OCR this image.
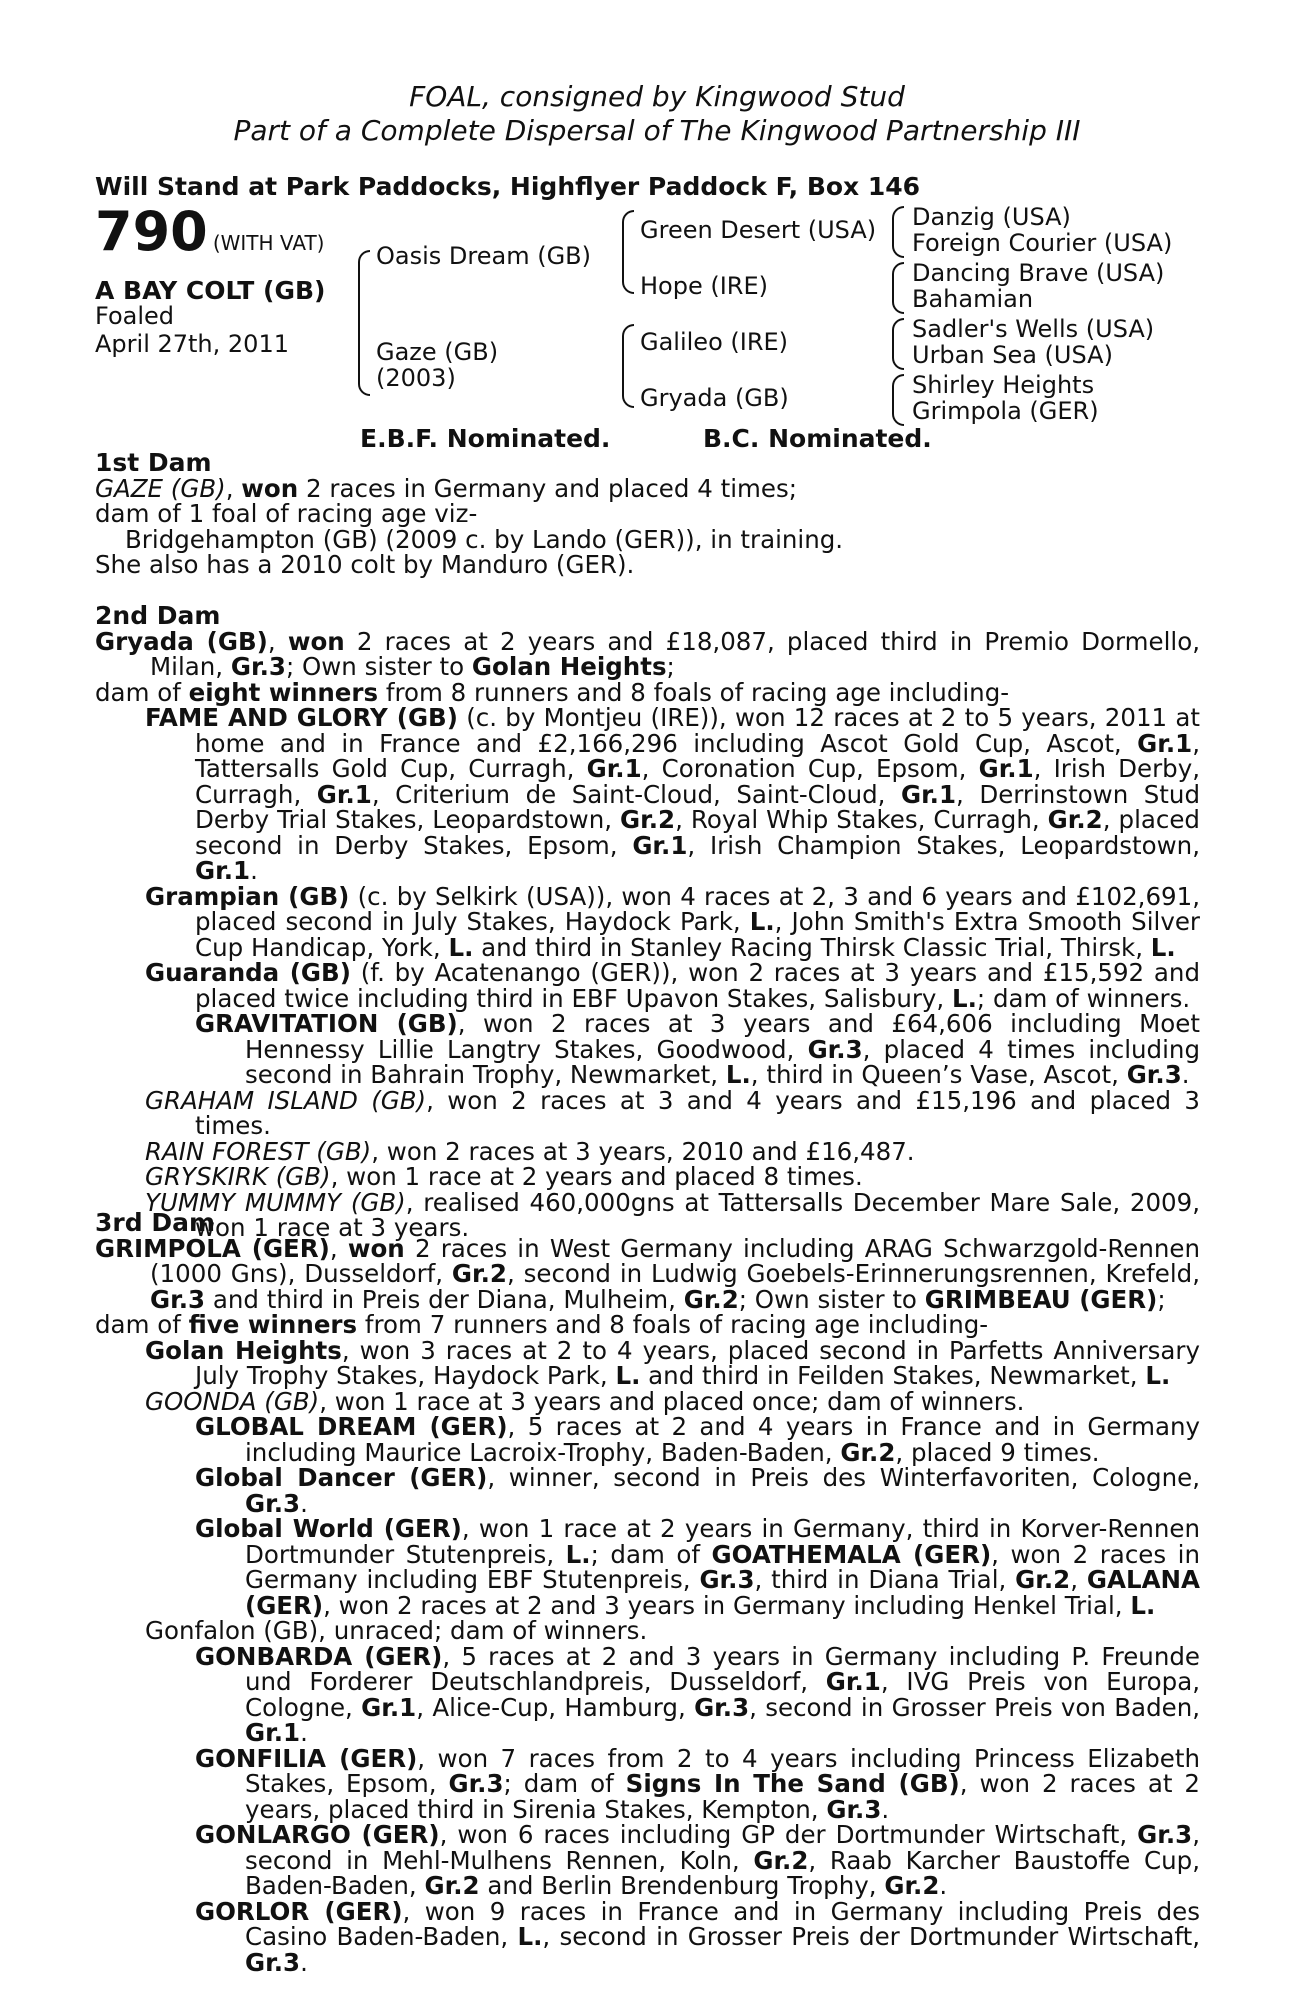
FOAL, consigned by Kingwood Stud
Part of a Complete Dispersal of The Kingwood Partnership III
Will Stand at Park Paddocks, Highflyer Paddock F, Box 146
790 (WITH VAT)
A BAY COLT (GB)
Foaled
April 27th, 2011
Oasis Dream (GB)
Gaze (GB)
(2003)
Green Desert (USA)
Hope (IRE)
Galileo (IRE)
Gryada (GB)
Danzig (USA)
Foreign Courier (USA)
Dancing Brave (USA)
Bahamian
Sadler's Wells (USA)
Urban Sea (USA)
Shirley Heights
Grimpola (GER)
E.B.F. Nominated.	B.C. Nominated.

1st Dam

GAZE (GB), won 2 races in Germany and placed 4 times;

dam of 1 foal of racing age viz-

Bridgehampton (GB) (2009 c. by Lando (GER)), in training.

She also has a 2010 colt by Manduro (GER).

2nd Dam

Gryada (GB), won 2 races at 2 years and £18,087, placed third in Premio Dormello, Milan, Gr.3; Own sister to Golan Heights;

dam of eight winners from 8 runners and 8 foals of racing age including-

FAME AND GLORY (GB) (c. by Montjeu (IRE)), won 12 races at 2 to 5 years, 2011 at home and in France and £2,166,296 including Ascot Gold Cup, Ascot, Gr.1, Tattersalls Gold Cup, Curragh, Gr.1, Coronation Cup, Epsom, Gr.1, Irish Derby, Curragh, Gr.1, Criterium de Saint-Cloud, Saint-Cloud, Gr.1, Derrinstown Stud Derby Trial Stakes, Leopardstown, Gr.2, Royal Whip Stakes, Curragh, Gr.2, placed second in Derby Stakes, Epsom, Gr.1, Irish Champion Stakes, Leopardstown, Gr.1.

Grampian (GB) (c. by Selkirk (USA)), won 4 races at 2, 3 and 6 years and £102,691, placed second in July Stakes, Haydock Park, L., John Smith's Extra Smooth Silver Cup Handicap, York, L. and third in Stanley Racing Thirsk Classic Trial, Thirsk, L.

Guaranda (GB) (f. by Acatenango (GER)), won 2 races at 3 years and £15,592 and placed twice including third in EBF Upavon Stakes, Salisbury, L.; dam of winners.

GRAVITATION (GB), won 2 races at 3 years and £64,606 including Moet Hennessy Lillie Langtry Stakes, Goodwood, Gr.3, placed 4 times including second in Bahrain Trophy, Newmarket, L., third in Queen’s Vase, Ascot, Gr.3.

GRAHAM ISLAND (GB), won 2 races at 3 and 4 years and £15,196 and placed 3 times.

RAIN FOREST (GB), won 2 races at 3 years, 2010 and £16,487.

GRYSKIRK (GB), won 1 race at 2 years and placed 8 times.

YUMMY MUMMY (GB), realised 460,000gns at Tattersalls December Mare Sale, 2009, won 1 race at 3 years.

3rd Dam

GRIMPOLA (GER), won 2 races in West Germany including ARAG Schwarzgold-Rennen (1000 Gns), Dusseldorf, Gr.2, second in Ludwig Goebels-Erinnerungsrennen, Krefeld, Gr.3 and third in Preis der Diana, Mulheim, Gr.2; Own sister to GRIMBEAU (GER);

dam of five winners from 7 runners and 8 foals of racing age including-

Golan Heights, won 3 races at 2 to 4 years, placed second in Parfetts Anniversary July Trophy Stakes, Haydock Park, L. and third in Feilden Stakes, Newmarket, L.

GOONDA (GB), won 1 race at 3 years and placed once; dam of winners.

GLOBAL DREAM (GER), 5 races at 2 and 4 years in France and in Germany including Maurice Lacroix-Trophy, Baden-Baden, Gr.2, placed 9 times.

Global Dancer (GER), winner, second in Preis des Winterfavoriten, Cologne, Gr.3.

Global World (GER), won 1 race at 2 years in Germany, third in Korver-Rennen Dortmunder Stutenpreis, L.; dam of GOATHEMALA (GER), won 2 races in Germany including EBF Stutenpreis, Gr.3, third in Diana Trial, Gr.2, GALANA (GER), won 2 races at 2 and 3 years in Germany including Henkel Trial, L.

Gonfalon (GB), unraced; dam of winners.

GONBARDA (GER), 5 races at 2 and 3 years in Germany including P. Freunde und Forderer Deutschlandpreis, Dusseldorf, Gr.1, IVG Preis von Europa, Cologne, Gr.1, Alice-Cup, Hamburg, Gr.3, second in Grosser Preis von Baden, Gr.1.

GONFILIA (GER), won 7 races from 2 to 4 years including Princess Elizabeth Stakes, Epsom, Gr.3; dam of Signs In The Sand (GB), won 2 races at 2 years, placed third in Sirenia Stakes, Kempton, Gr.3.

GONLARGO (GER), won 6 races including GP der Dortmunder Wirtschaft, Gr.3, second in Mehl-Mulhens Rennen, Koln, Gr.2, Raab Karcher Baustoffe Cup, Baden-Baden, Gr.2 and Berlin Brendenburg Trophy, Gr.2.

GORLOR (GER), won 9 races in France and in Germany including Preis des Casino Baden-Baden, L., second in Grosser Preis der Dortmunder Wirtschaft, Gr.3.
